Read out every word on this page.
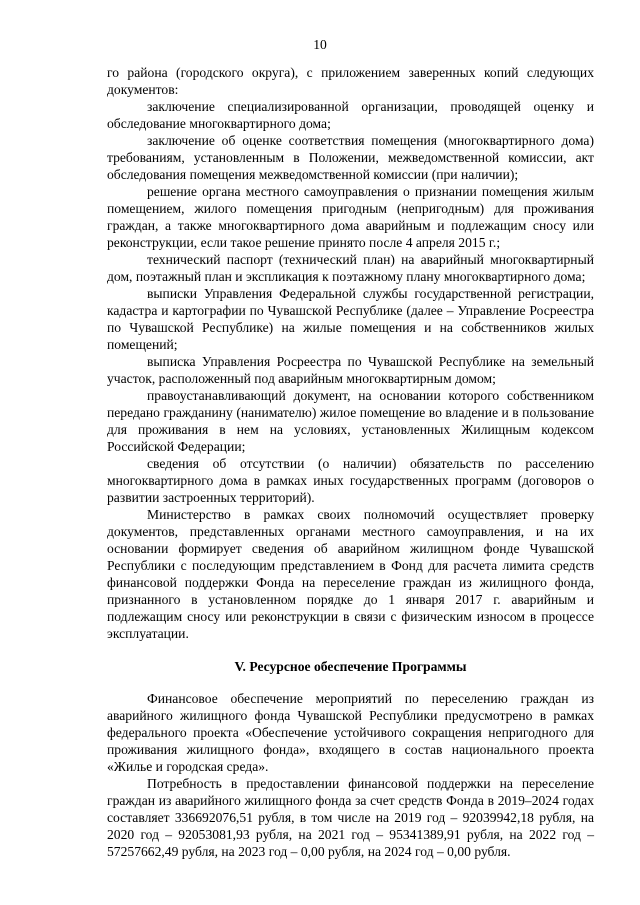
10

го района (городского округа), с приложением заверенных копий следующих документов:

заключение специализированной организации, проводящей оценку и обследование многоквартирного дома;

заключение об оценке соответствия помещения (многоквартирного дома) требованиям, установленным в Положении, межведомственной комиссии, акт обследования помещения межведомственной комиссии (при наличии);

решение органа местного самоуправления о признании помещения жилым помещением, жилого помещения пригодным (непригодным) для проживания граждан, а также многоквартирного дома аварийным и подлежащим сносу или реконструкции, если такое решение принято после 4 апреля 2015 г.;

технический паспорт (технический план) на аварийный многоквартирный дом, поэтажный план и экспликация к поэтажному плану многоквартирного дома;

выписки Управления Федеральной службы государственной регистрации, кадастра и картографии по Чувашской Республике (далее – Управление Росреестра по Чувашской Республике) на жилые помещения и на собственников жилых помещений;

выписка Управления Росреестра по Чувашской Республике на земельный участок, расположенный под аварийным многоквартирным домом;

правоустанавливающий документ, на основании которого собственником передано гражданину (нанимателю) жилое помещение во владение и в пользование для проживания в нем на условиях, установленных Жилищным кодексом Российской Федерации;

сведения об отсутствии (о наличии) обязательств по расселению многоквартирного дома в рамках иных государственных программ (договоров о развитии застроенных территорий).

Министерство в рамках своих полномочий осуществляет проверку документов, представленных органами местного самоуправления, и на их основании формирует сведения об аварийном жилищном фонде Чувашской Республики с последующим представлением в Фонд для расчета лимита средств финансовой поддержки Фонда на переселение граждан из жилищного фонда, признанного в установленном порядке до 1 января 2017 г. аварийным и подлежащим сносу или реконструкции в связи с физическим износом в процессе эксплуатации.

V. Ресурсное обеспечение Программы

Финансовое обеспечение мероприятий по переселению граждан из аварийного жилищного фонда Чувашской Республики предусмотрено в рамках федерального проекта «Обеспечение устойчивого сокращения непригодного для проживания жилищного фонда», входящего в состав национального проекта «Жилье и городская среда».

Потребность в предоставлении финансовой поддержки на переселение граждан из аварийного жилищного фонда за счет средств Фонда в 2019–2024 годах составляет 336692076,51 рубля, в том числе на 2019 год – 92039942,18 рубля, на 2020 год – 92053081,93 рубля, на 2021 год – 95341389,91 рубля, на 2022 год – 57257662,49 рубля, на 2023 год – 0,00 рубля, на 2024 год – 0,00 рубля.
